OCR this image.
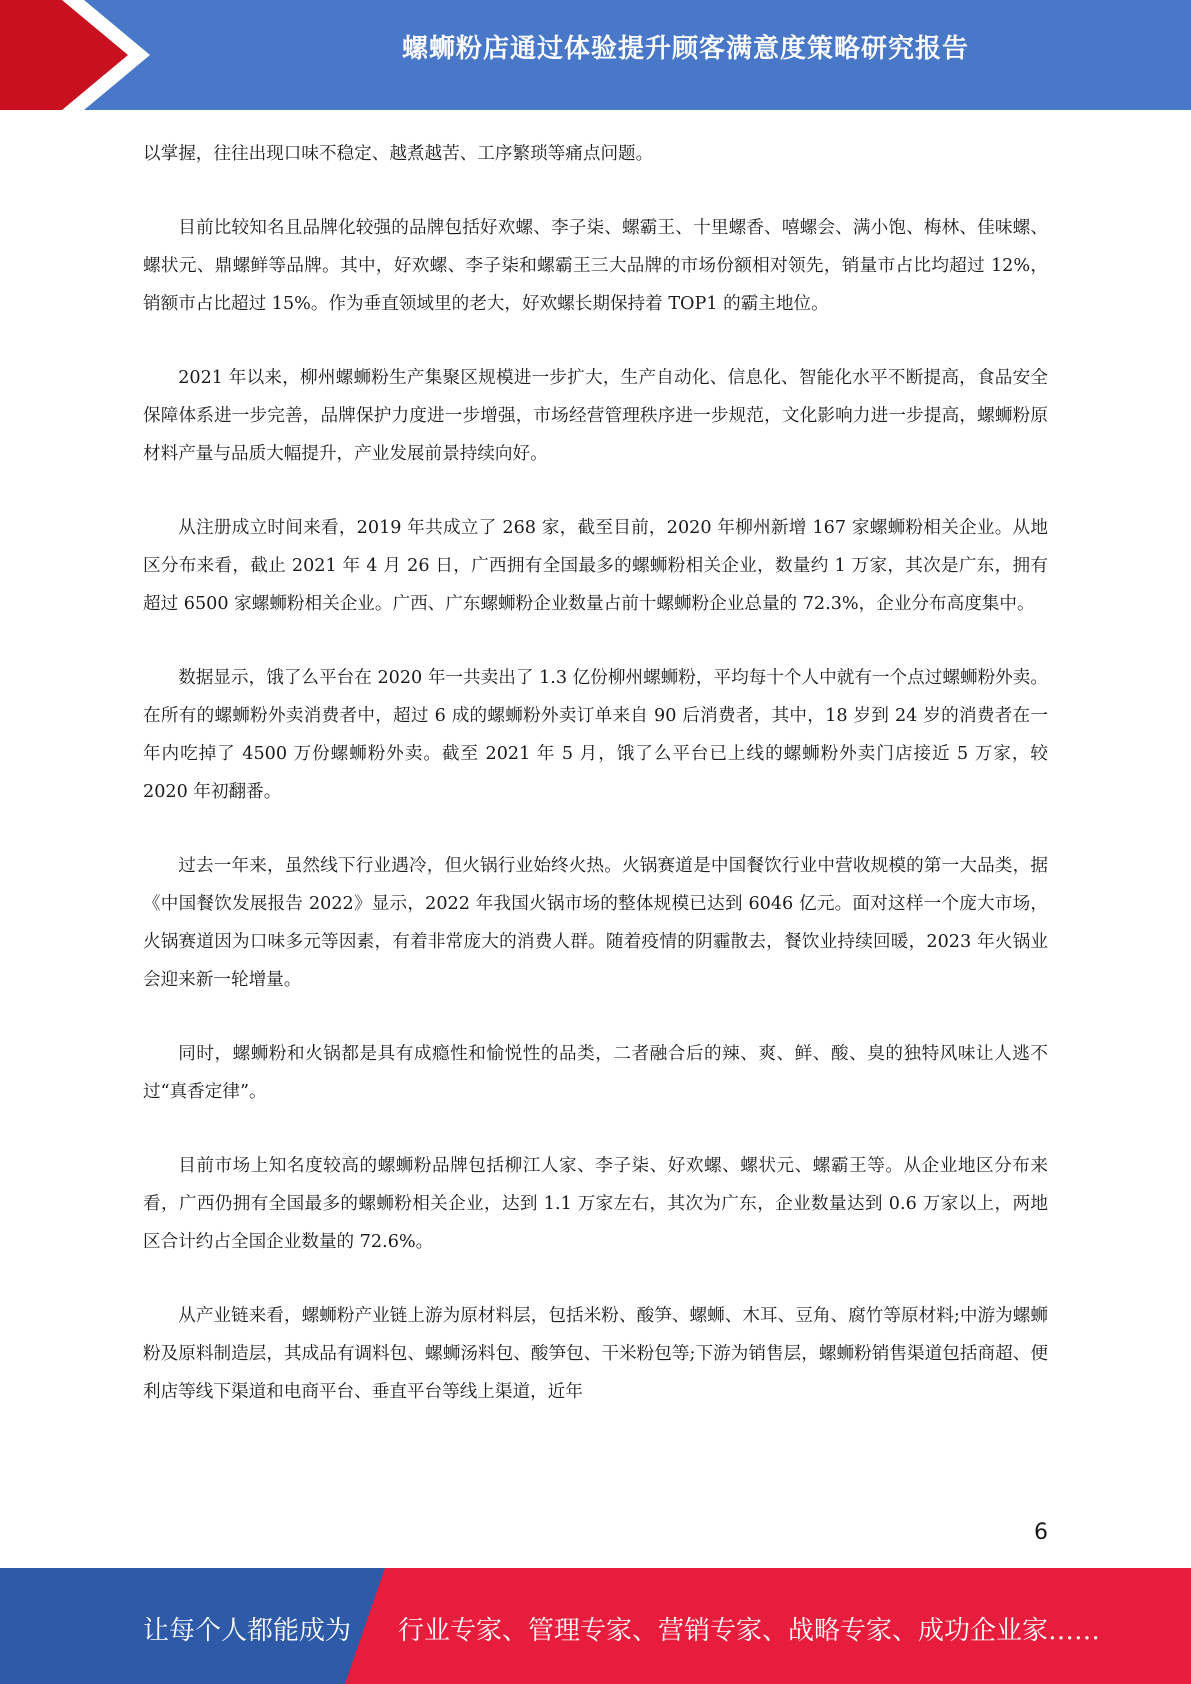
螺蛳粉店通过体验提升顾客满意度策略研究报告

以掌握，往往出现口味不稳定、越煮越苦、工序繁琐等痛点问题。

目前比较知名且品牌化较强的品牌包括好欢螺、李子柒、螺霸王、十里螺香、嘻螺会、满小饱、梅林、佳味螺、螺状元、鼎螺鲜等品牌。其中，好欢螺、李子柒和螺霸王三大品牌的市场份额相对领先，销量市占比均超过 12%，销额市占比超过 15%。作为垂直领域里的老大，好欢螺长期保持着 TOP1 的霸主地位。

2021 年以来，柳州螺蛳粉生产集聚区规模进一步扩大，生产自动化、信息化、智能化水平不断提高，食品安全保障体系进一步完善，品牌保护力度进一步增强，市场经营管理秩序进一步规范，文化影响力进一步提高，螺蛳粉原材料产量与品质大幅提升，产业发展前景持续向好。

从注册成立时间来看，2019 年共成立了 268 家，截至目前，2020 年柳州新增 167 家螺蛳粉相关企业。从地区分布来看，截止 2021 年 4 月 26 日，广西拥有全国最多的螺蛳粉相关企业，数量约 1 万家，其次是广东，拥有超过 6500 家螺蛳粉相关企业。广西、广东螺蛳粉企业数量占前十螺蛳粉企业总量的 72.3%，企业分布高度集中。

数据显示，饿了么平台在 2020 年一共卖出了 1.3 亿份柳州螺蛳粉，平均每十个人中就有一个点过螺蛳粉外卖。在所有的螺蛳粉外卖消费者中，超过 6 成的螺蛳粉外卖订单来自 90 后消费者，其中，18 岁到 24 岁的消费者在一年内吃掉了 4500 万份螺蛳粉外卖。截至 2021 年 5 月，饿了么平台已上线的螺蛳粉外卖门店接近 5 万家，较 2020 年初翻番。

过去一年来，虽然线下行业遇冷，但火锅行业始终火热。火锅赛道是中国餐饮行业中营收规模的第一大品类，据《中国餐饮发展报告 2022》显示，2022 年我国火锅市场的整体规模已达到 6046 亿元。面对这样一个庞大市场，火锅赛道因为口味多元等因素，有着非常庞大的消费人群。随着疫情的阴霾散去，餐饮业持续回暖，2023 年火锅业会迎来新一轮增量。

同时，螺蛳粉和火锅都是具有成瘾性和愉悦性的品类，二者融合后的辣、爽、鲜、酸、臭的独特风味让人逃不过“真香定律”。

目前市场上知名度较高的螺蛳粉品牌包括柳江人家、李子柒、好欢螺、螺状元、螺霸王等。从企业地区分布来看，广西仍拥有全国最多的螺蛳粉相关企业，达到 1.1 万家左右，其次为广东，企业数量达到 0.6 万家以上，两地区合计约占全国企业数量的 72.6%。

从产业链来看，螺蛳粉产业链上游为原材料层，包括米粉、酸笋、螺蛳、木耳、豆角、腐竹等原材料;中游为螺蛳粉及原料制造层，其成品有调料包、螺蛳汤料包、酸笋包、干米粉包等;下游为销售层，螺蛳粉销售渠道包括商超、便利店等线下渠道和电商平台、垂直平台等线上渠道，近年

6
让每个人都能成为 行业专家、管理专家、营销专家、战略专家、成功企业家……
